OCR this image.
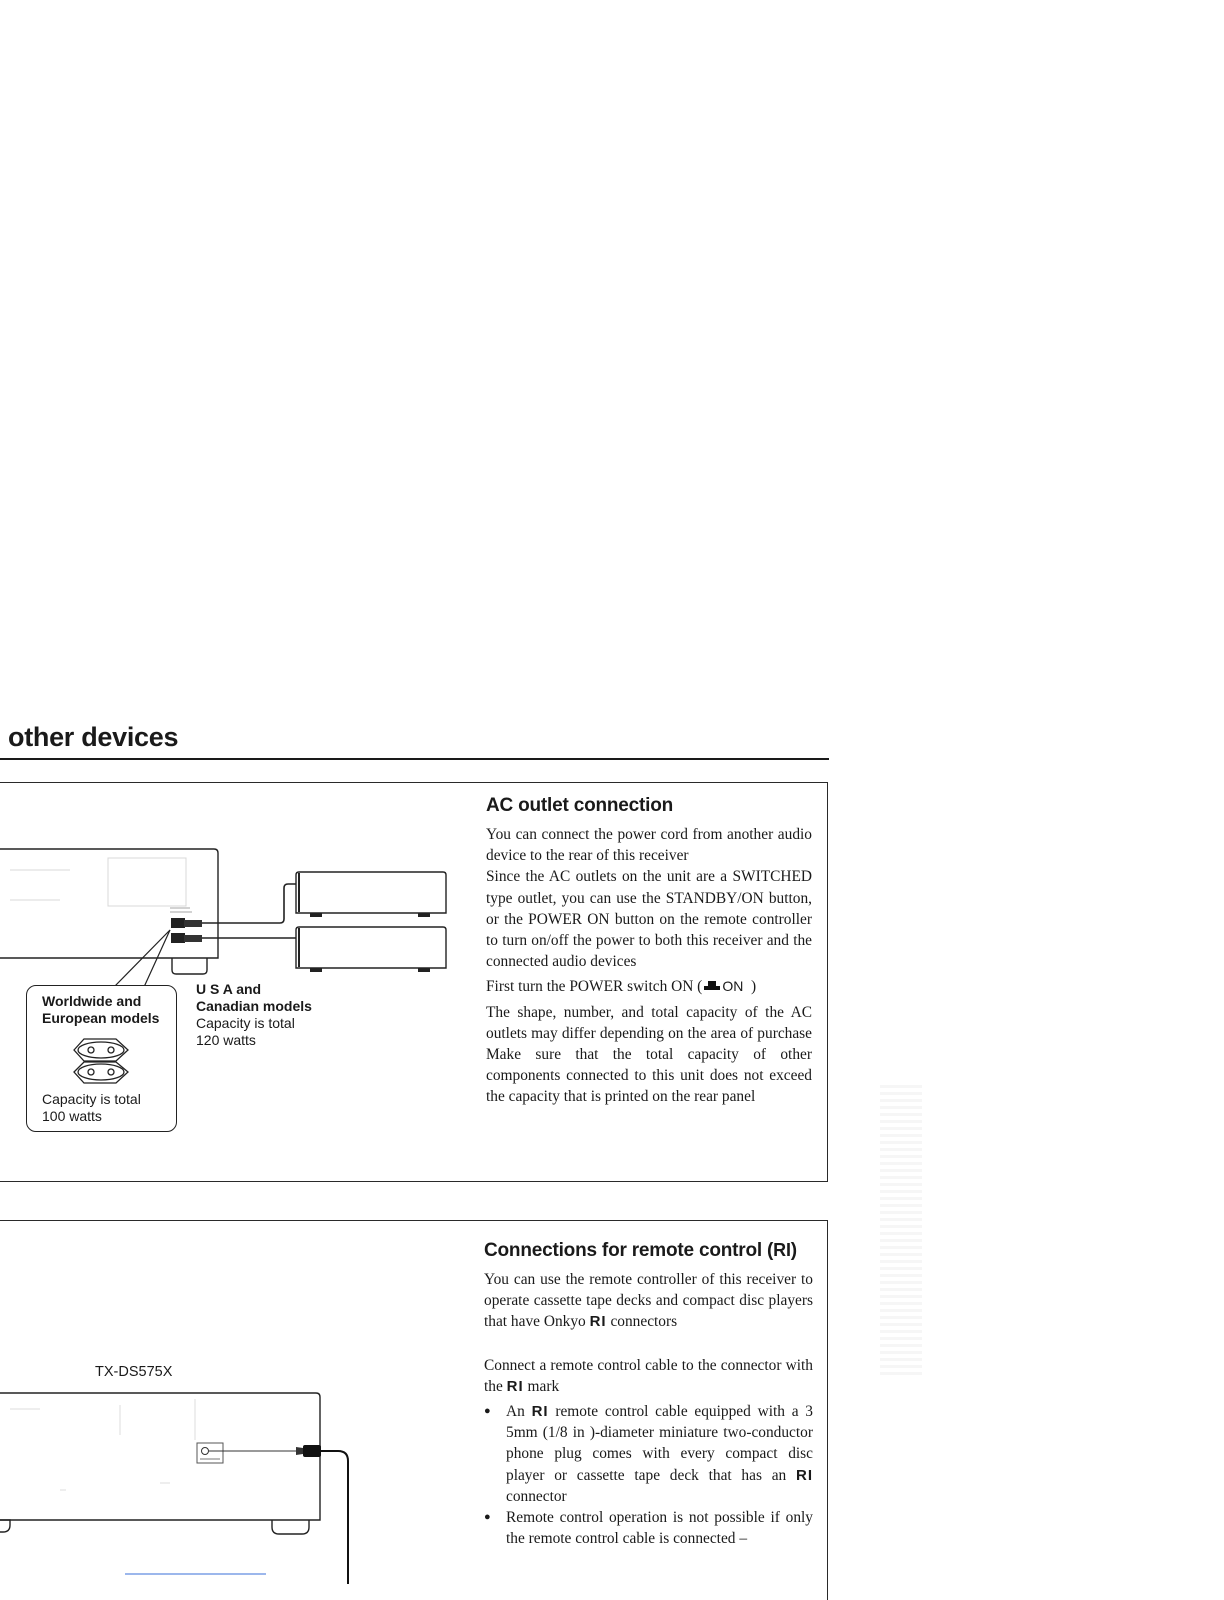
other devices
Worldwide and
European models
Capacity is total
100 watts
U S A and
Canadian models
Capacity is total
120 watts
AC outlet connection

You can connect the power cord from another audio device to the rear of this receiver

Since the AC outlets on the unit are a SWITCHED type outlet, you can use the STANDBY/ON button, or the POWER ON button on the remote controller to turn on/off the power to both this receiver and the connected audio devices

First turn the POWER switch ON ( ON )

The shape, number, and total capacity of the AC outlets may differ depending on the area of purchase Make sure that the total capacity of other components connected to this unit does not exceed the capacity that is printed on the rear panel

TX-DS575X
Connections for remote control (RI)

You can use the remote controller of this receiver to operate cassette tape decks and compact disc players that have Onkyo RI connectors

Connect a remote control cable to the connector with the RI mark

● An RI remote control cable equipped with a 3 5mm (1/8 in )-diameter miniature two-conductor phone plug comes with every compact disc player or cassette tape deck that has an RI connector
● Remote control operation is not possible if only the remote control cable is connected –
